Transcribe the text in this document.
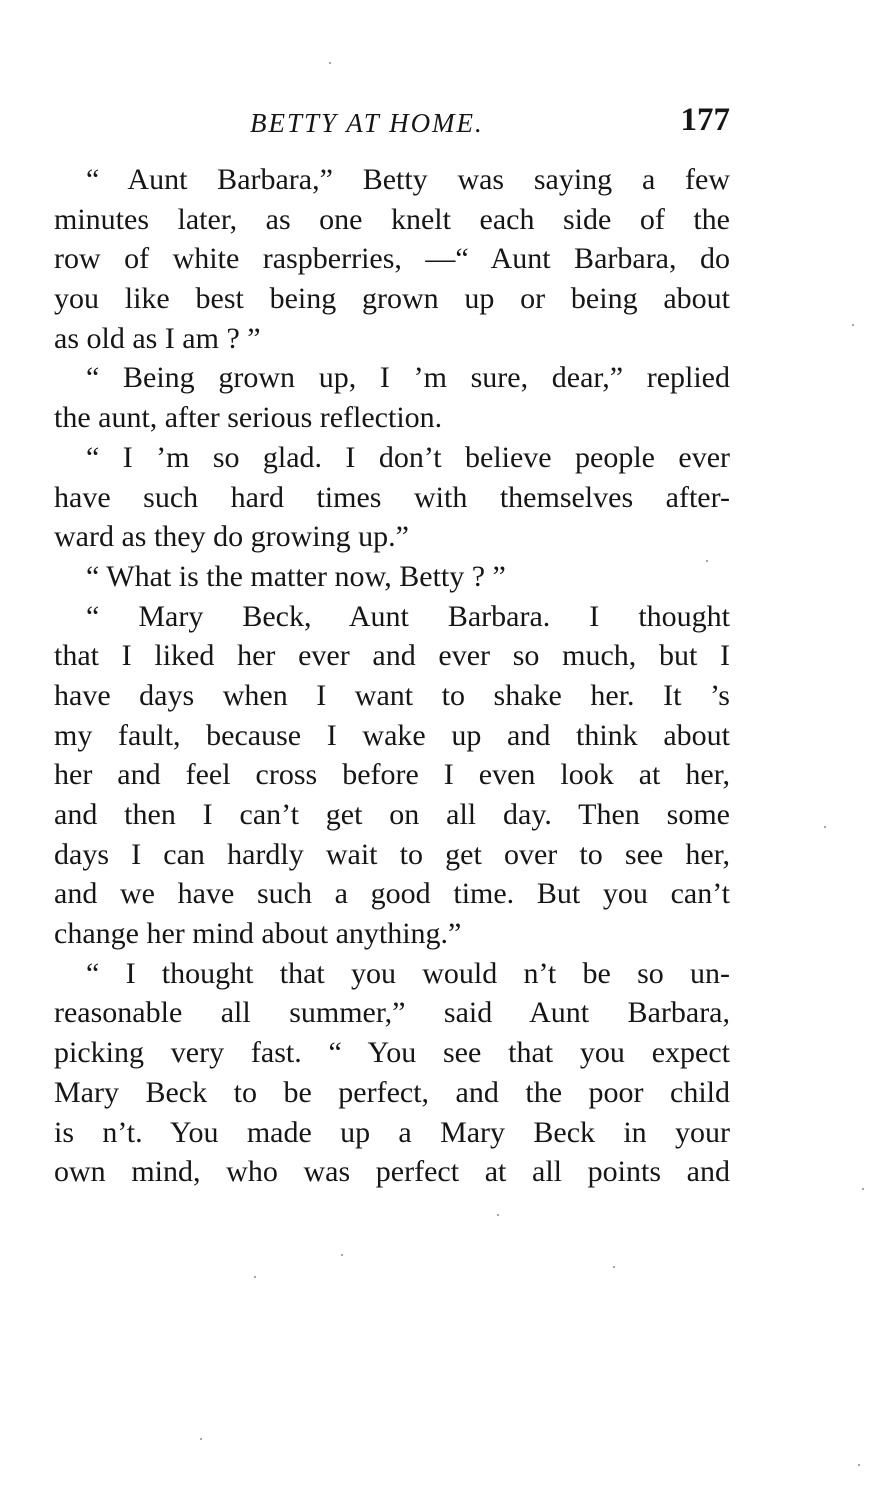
BETTY AT HOME.	177
“ Aunt Barbara,” Betty was saying a few
minutes later, as one knelt each side of the
row of white raspberries, —“ Aunt Barbara, do
you like best being grown up or being about
as old as I am ? ”
“ Being grown up, I ’m sure, dear,” replied
the aunt, after serious reflection.
“ I ’m so glad. I don’t believe people ever
have such hard times with themselves after-
ward as they do growing up.”
“ What is the matter now, Betty ? ”
“ Mary Beck, Aunt Barbara. I thought
that I liked her ever and ever so much, but I
have days when I want to shake her. It ’s
my fault, because I wake up and think about
her and feel cross before I even look at her,
and then I can’t get on all day. Then some
days I can hardly wait to get over to see her,
and we have such a good time. But you can’t
change her mind about anything.”
“ I thought that you would n’t be so un-
reasonable all summer,” said Aunt Barbara,
picking very fast. “ You see that you expect
Mary Beck to be perfect, and the poor child
is n’t. You made up a Mary Beck in your
own mind, who was perfect at all points and
